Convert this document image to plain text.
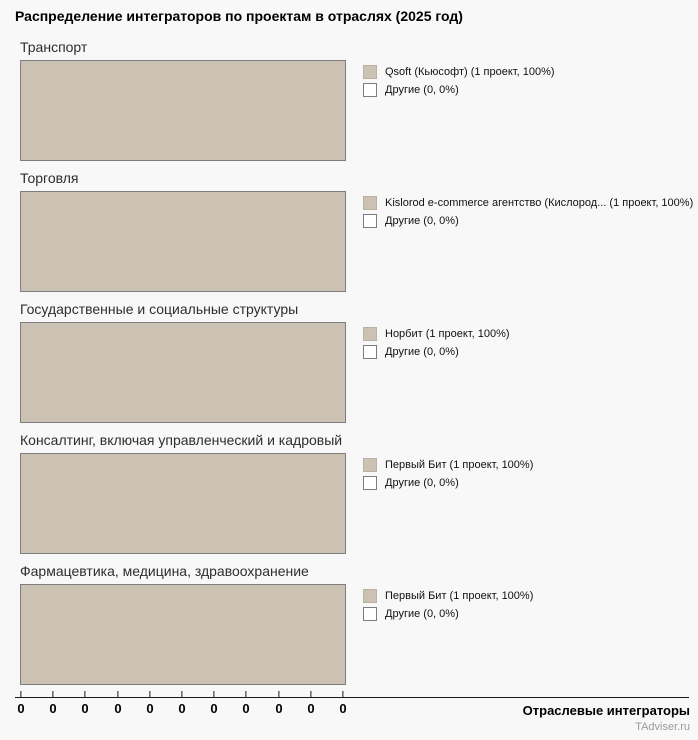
Распределение интеграторов по проектам в отраслях (2025 год)
Транспорт
Qsoft (Кьюсофт) (1 проект, 100%)
Другие (0, 0%)
Торговля
Kislorod e-commerce агентство (Кислород... (1 проект, 100%)
Другие (0, 0%)
Государственные и социальные структуры
Норбит (1 проект, 100%)
Другие (0, 0%)
Консалтинг, включая управленческий и кадровый
Первый Бит (1 проект, 100%)
Другие (0, 0%)
Фармацевтика, медицина, здравоохранение
Первый Бит (1 проект, 100%)
Другие (0, 0%)
0 0 0 0 0 0 0 0 0 0 0	Отраслевые интеграторы
TAdviser.ru
